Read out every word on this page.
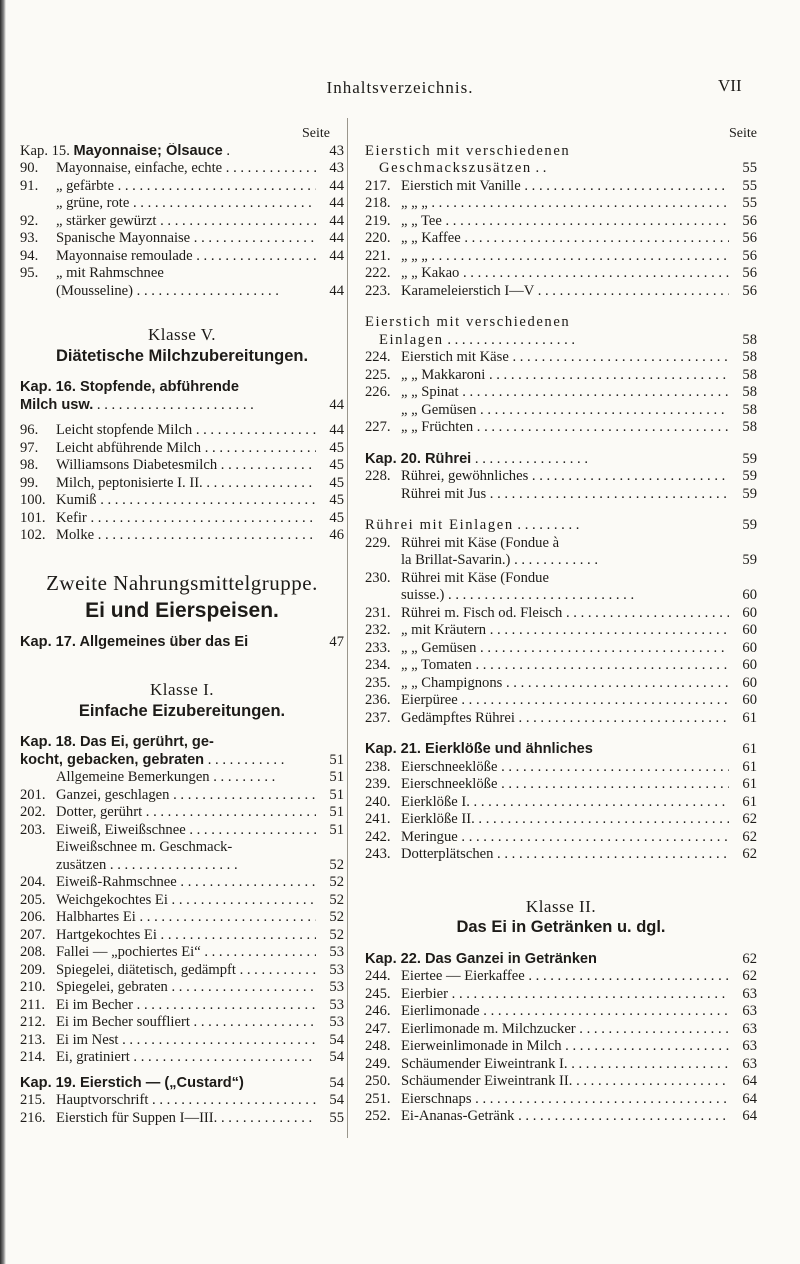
Inhaltsverzeichnis.	VII
Seite
Kap. 15. Mayonnaise; Ölsauce .	43
90.	Mayonnaise, einfache, echte . . .	43
91.	„ gefärbte . . .	44
„ grüne, rote . . .	44
92.	„ stärker gewürzt . . .	44
93.	Spanische Mayonnaise . . .	44
94.	Mayonnaise remoulade . . .	44
95.	„ mit Rahmschnee
(Mousseline) . . . . . . . . . . . . . . . . . . . .	44
Klasse V.
Diätetische Milchzubereitungen.
Kap. 16. Stopfende, abführende
Milch usw. . . . . . . . . . . . . . . . . . . . . . .	44
96.	Leicht stopfende Milch . . .	44
97.	Leicht abführende Milch . . .	45
98.	Williamsons Diabetesmilch . . .	45
99.	Milch, peptonisierte I. II. . . .	45
100. Kumiß . . .	45
101. Kefir . . .	45
102. Molke . . .	46
Zweite Nahrungsmittelgruppe.
Ei und Eierspeisen.
Kap. 17. Allgemeines über das Ei	47
Klasse I.
Einfache Eizubereitungen.
Kap. 18. Das Ei, gerührt, ge-
kocht, gebacken, gebraten . . . . . . . . . . .	51
Allgemeine Bemerkungen . . . . . . . . .	51
201. Ganzei, geschlagen . . .	51
202. Dotter, gerührt . . .	51
203. Eiweiß, Eiweißschnee . . .	51
Eiweißschnee m. Geschmack-
zusätzen . . . . . . . . . . . . . . . . . .	52
204. Eiweiß-Rahmschnee . . .	52
205. Weichgekochtes Ei . . .	52
206. Halbhartes Ei . . .	52
207. Hartgekochtes Ei . . .	52
208. Fallei — „pochiertes Ei“ . . .	53
209. Spiegelei, diätetisch, gedämpft . . .	53
210. Spiegelei, gebraten . . .	53
211. Ei im Becher . . .	53
212. Ei im Becher souffliert . . .	53
213. Ei im Nest . . .	54
214. Ei, gratiniert . . .	54
Kap. 19. Eierstich — („Custard“)	54
215. Hauptvorschrift . . .	54
216. Eierstich für Suppen I—III. . . .	55
Seite
Eierstich mit verschiedenen
Geschmackszusätzen . .	55
217. Eierstich mit Vanille . . .	55
218. „ „ „ . . .	55
219. „ „ Tee . . .	56
220. „ „ Kaffee . . .	56
221. „ „ „ . . .	56
222. „ „ Kakao . . .	56
223. Karameleierstich I—V . . .	56
Eierstich mit verschiedenen
Einlagen . . . . . . . . . . . . . . . . . .	58
224. Eierstich mit Käse . . .	58
225. „ „ Makkaroni . . .	58
226. „ „ Spinat . . .	58
„ „ Gemüsen . . .	58
227. „ „ Früchten . . .	58
Kap. 20. Rührei . . . . . . . . . . . . . . . .	59
228. Rührei, gewöhnliches . . .	59
Rührei mit Jus . . .	59
Rührei mit Einlagen . . . . . . . . .	59
229. Rührei mit Käse (Fondue à
la Brillat-Savarin.) . . . . . . . . . . . .	59
230. Rührei mit Käse (Fondue
suisse.) . . . . . . . . . . . . . . . . . . . . . . . . . .	60
231. Rührei m. Fisch od. Fleisch . . .	60
232. „ mit Kräutern . . .	60
233. „ „ Gemüsen . . .	60
234. „ „ Tomaten . . .	60
235. „ „ Champignons . . .	60
236. Eierpüree . . .	60
237. Gedämpftes Rührei . . .	61
Kap. 21. Eierklöße und ähnliches	61
238. Eierschneeklöße . . .	61
239. Eierschneeklöße . . .	61
240. Eierklöße I. . . .	61
241. Eierklöße II. . . .	62
242. Meringue . . .	62
243. Dotterplätschen . . .	62
Klasse II.
Das Ei in Getränken u. dgl.
Kap. 22. Das Ganzei in Getränken	62
244. Eiertee — Eierkaffee . . .	62
245. Eierbier . . .	63
246. Eierlimonade . . .	63
247. Eierlimonade m. Milchzucker . . .	63
248. Eierweinlimonade in Milch . . .	63
249. Schäumender Eiweintrank I. . . .	63
250. Schäumender Eiweintrank II. . . .	64
251. Eierschnaps . . .	64
252. Ei-Ananas-Getränk . . .	64
